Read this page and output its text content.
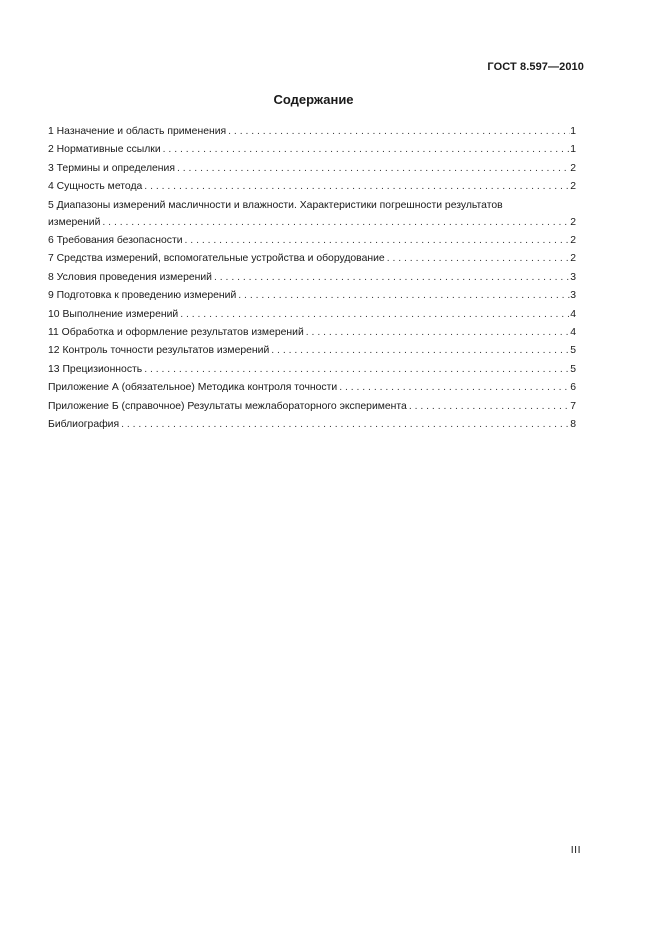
ГОСТ 8.597—2010
Содержание
1 Назначение и область применения . . .	1
2 Нормативные ссылки . . .	1
3 Термины и определения . . .	2
4 Сущность метода . . .	2
5 Диапазоны измерений масличности и влажности. Характеристики погрешности результатов
измерений . . .	2
6 Требования безопасности . . .	2
7 Средства измерений, вспомогательные устройства и оборудование . . .	2
8 Условия проведения измерений . . .	3
9 Подготовка к проведению измерений . . .	3
10 Выполнение измерений . . .	4
11 Обработка и оформление результатов измерений . . .	4
12 Контроль точности результатов измерений . . .	5
13 Прецизионность . . .	5
Приложение А (обязательное) Методика контроля точности . . .	6
Приложение Б (справочное) Результаты межлабораторного эксперимента . . .	7
Библиография . . .	8
III
